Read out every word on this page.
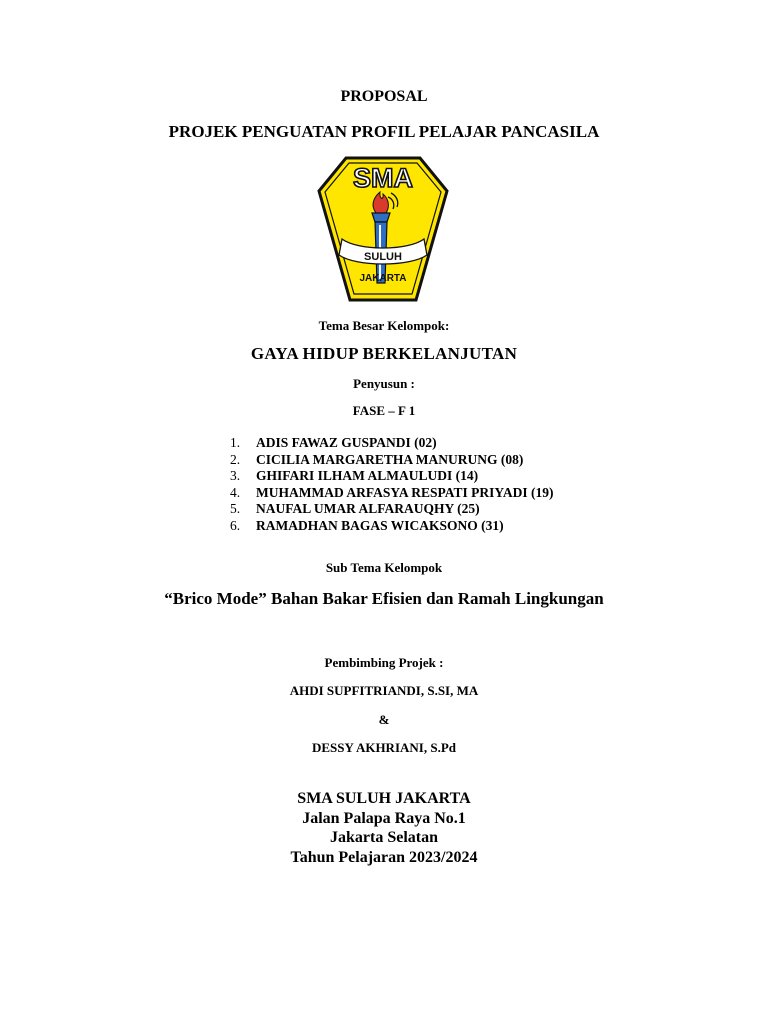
PROPOSAL
PROJEK PENGUATAN PROFIL PELAJAR PANCASILA
SMA
SULUH
JAKARTA
Tema Besar Kelompok:
GAYA HIDUP BERKELANJUTAN
Penyusun :
FASE – F 1
1. ADIS FAWAZ GUSPANDI (02)
2. CICILIA MARGARETHA MANURUNG (08)
3. GHIFARI ILHAM ALMAULUDI (14)
4. MUHAMMAD ARFASYA RESPATI PRIYADI (19)
5. NAUFAL UMAR ALFARAUQHY (25)
6. RAMADHAN BAGAS WICAKSONO (31)
Sub Tema Kelompok
“Brico Mode” Bahan Bakar Efisien dan Ramah Lingkungan
Pembimbing Projek :
AHDI SUPFITRIANDI, S.SI, MA
&
DESSY AKHRIANI, S.Pd
SMA SULUH JAKARTA
Jalan Palapa Raya No.1
Jakarta Selatan
Tahun Pelajaran 2023/2024
